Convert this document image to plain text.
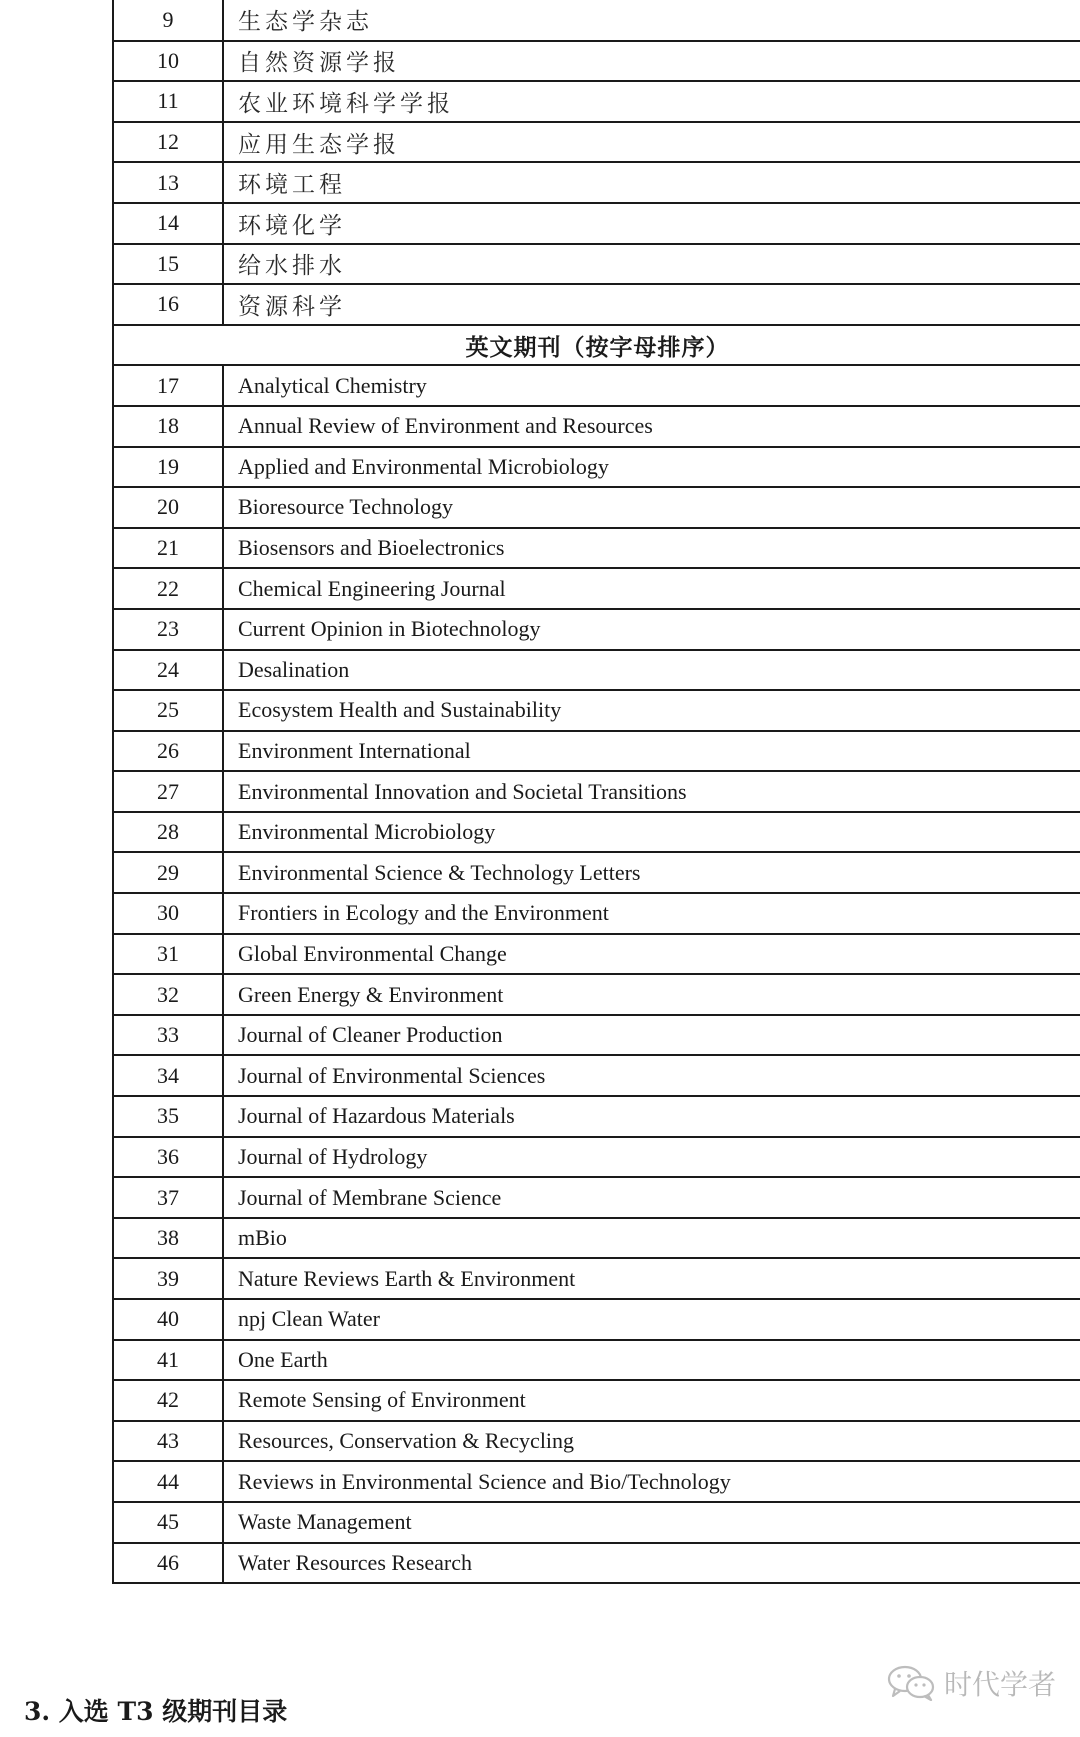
9	生态学杂志
10	自然资源学报
11	农业环境科学学报
12	应用生态学报
13	环境工程
14	环境化学
15	给水排水
16	资源科学
英文期刊（按字母排序）	
17	Analytical Chemistry
18	Annual Review of Environment and Resources
19	Applied and Environmental Microbiology
20	Bioresource Technology
21	Biosensors and Bioelectronics
22	Chemical Engineering Journal
23	Current Opinion in Biotechnology
24	Desalination
25	Ecosystem Health and Sustainability
26	Environment International
27	Environmental Innovation and Societal Transitions
28	Environmental Microbiology
29	Environmental Science & Technology Letters
30	Frontiers in Ecology and the Environment
31	Global Environmental Change
32	Green Energy & Environment
33	Journal of Cleaner Production
34	Journal of Environmental Sciences
35	Journal of Hazardous Materials
36	Journal of Hydrology
37	Journal of Membrane Science
38	mBio
39	Nature Reviews Earth & Environment
40	npj Clean Water
41	One Earth
42	Remote Sensing of Environment
43	Resources, Conservation & Recycling
44	Reviews in Environmental Science and Bio/Technology
45	Waste Management
46	Water Resources Research
3. 入选 T3 级期刊目录
时代学者
